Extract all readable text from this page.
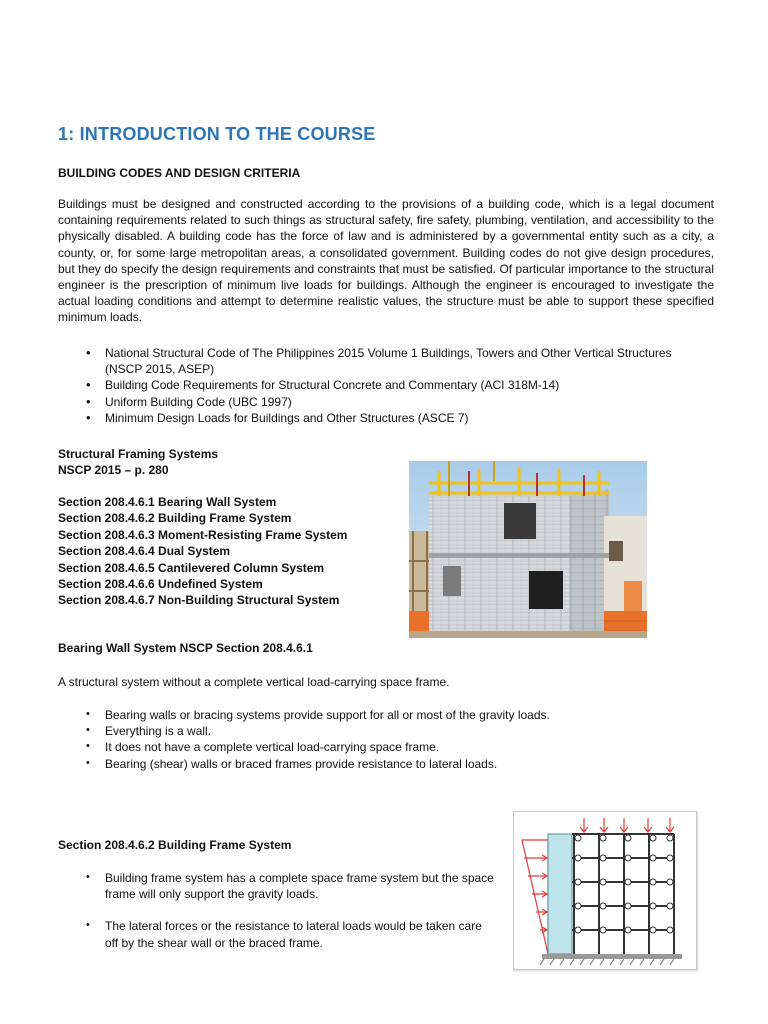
1: INTRODUCTION TO THE COURSE
BUILDING CODES AND DESIGN CRITERIA

Buildings must be designed and constructed according to the provisions of a building code, which is a legal document containing requirements related to such things as structural safety, fire safety, plumbing, ventilation, and accessibility to the physically disabled. A building code has the force of law and is administered by a governmental entity such as a city, a county, or, for some large metropolitan areas, a consolidated government. Building codes do not give design procedures, but they do specify the design requirements and constraints that must be satisfied. Of particular importance to the structural engineer is the prescription of minimum live loads for buildings. Although the engineer is encouraged to investigate the actual loading conditions and attempt to determine realistic values, the structure must be able to support these specified minimum loads.

• National Structural Code of The Philippines 2015 Volume 1 Buildings, Towers and Other Vertical Structures (NSCP 2015, ASEP)
• Building Code Requirements for Structural Concrete and Commentary (ACI 318M-14)
• Uniform Building Code (UBC 1997)
• Minimum Design Loads for Buildings and Other Structures (ASCE 7)
Structural Framing Systems
NSCP 2015 – p. 280
Section 208.4.6.1 Bearing Wall System
Section 208.4.6.2 Building Frame System
Section 208.4.6.3 Moment-Resisting Frame System
Section 208.4.6.4 Dual System
Section 208.4.6.5 Cantilevered Column System
Section 208.4.6.6 Undefined System
Section 208.4.6.7 Non-Building Structural System
Bearing Wall System NSCP Section 208.4.6.1

A structural system without a complete vertical load-carrying space frame.

• Bearing walls or bracing systems provide support for all or most of the gravity loads.
• Everything is a wall.
• It does not have a complete vertical load-carrying space frame.
• Bearing (shear) walls or braced frames provide resistance to lateral loads.
Section 208.4.6.2 Building Frame System
• Building frame system has a complete space frame system but the space frame will only support the gravity loads.
• The lateral forces or the resistance to lateral loads would be taken care off by the shear wall or the braced frame.
